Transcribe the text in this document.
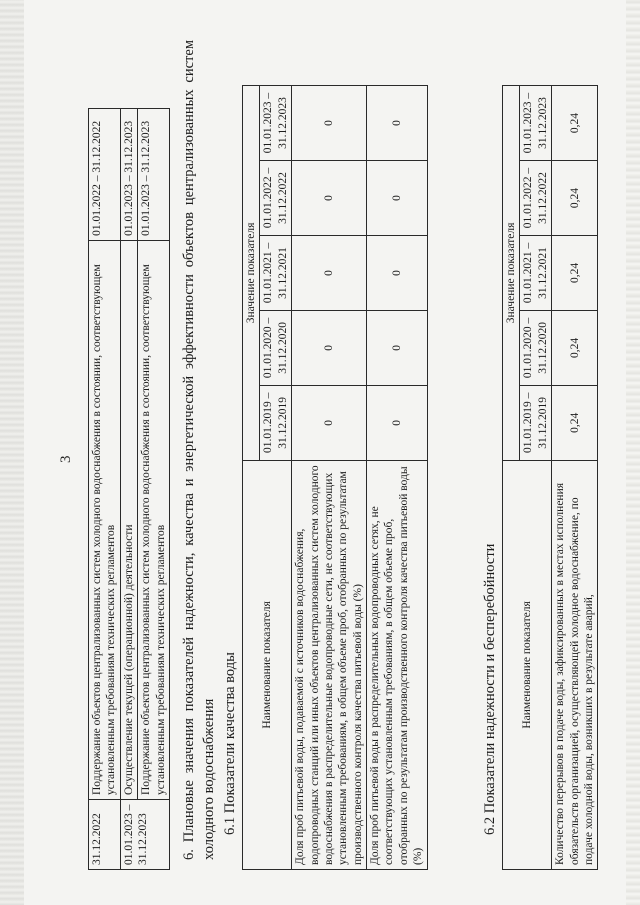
3
31.12.2022	Поддержание объектов централизованных систем холодного водоснабжения в состоянии, соответствующем установленным требованиям технических регламентов	01.01.2022 – 31.12.2022
01.01.2023 – 31.12.2023	Осуществление текущей (операционной) деятельности	01.01.2023 – 31.12.2023
	Поддержание объектов централизованных систем холодного водоснабжения в состоянии, соответствующем установленным требованиям технических регламентов	01.01.2023 – 31.12.2023 6. Плановые значения показателей надежности, качества и энергетической эффективности объектов централизованных систем холодного водоснабжения 6.1 Показатели качества воды Наименование показателя	Значение показателя				
	01.01.2019 – 31.12.2019	01.01.2020 – 31.12.2020	01.01.2021 – 31.12.2021	01.01.2022 – 31.12.2022	01.01.2023 – 31.12.2023
Доля проб питьевой воды, подаваемой с источников водоснабжения, водопроводных станций или иных объектов централизованных систем холодного водоснабжения в распределительные водопроводные сети, не соответствующих установленным требованиям, в общем объеме проб, отобранных по результатам производственного контроля качества питьевой воды (%)	0	0	0	0	0
Доля проб питьевой воды в распределительных водопроводных сетях, не соответствующих установленным требованиям, в общем объеме проб, отобранных по результатам производственного контроля качества питьевой воды (%)	0	0	0	0	0
6.2 Показатели надежности и бесперебойности Наименование показателя	Значение показателя				
	01.01.2019 – 31.12.2019	01.01.2020 – 31.12.2020	01.01.2021 – 31.12.2021	01.01.2022 – 31.12.2022	01.01.2023 – 31.12.2023
Количество перерывов в подаче воды, зафиксированных в местах исполнения обязательств организацией, осуществляющей холодное водоснабжение, по подаче холодной воды, возникших в результате аварий,	0,24	0,24	0,24	0,24	0,24
